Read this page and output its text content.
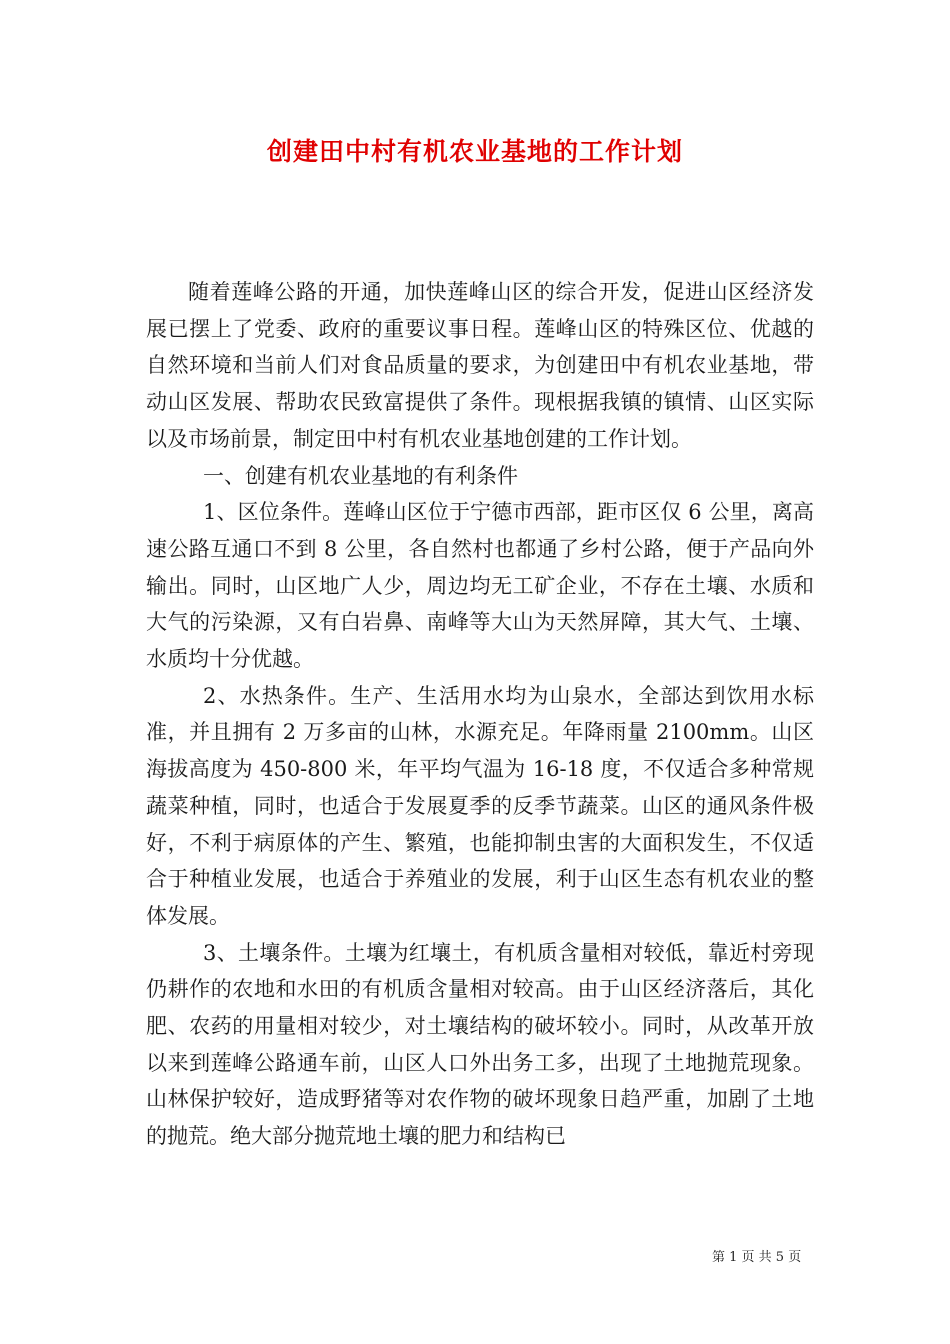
创建田中村有机农业基地的工作计划

随着莲峰公路的开通，加快莲峰山区的综合开发，促进山区经济发展已摆上了党委、政府的重要议事日程。莲峰山区的特殊区位、优越的自然环境和当前人们对食品质量的要求，为创建田中有机农业基地，带动山区发展、帮助农民致富提供了条件。现根据我镇的镇情、山区实际以及市场前景，制定田中村有机农业基地创建的工作计划。

一、创建有机农业基地的有利条件

1、区位条件。莲峰山区位于宁德市西部，距市区仅 6 公里，离高速公路互通口不到 8 公里，各自然村也都通了乡村公路，便于产品向外输出。同时，山区地广人少，周边均无工矿企业，不存在土壤、水质和大气的污染源，又有白岩鼻、南峰等大山为天然屏障，其大气、土壤、水质均十分优越。

2、水热条件。生产、生活用水均为山泉水，全部达到饮用水标准，并且拥有 2 万多亩的山林，水源充足。年降雨量 2100mm。山区海拔高度为 450-800 米，年平均气温为 16-18 度，不仅适合多种常规蔬菜种植，同时，也适合于发展夏季的反季节蔬菜。山区的通风条件极好，不利于病原体的产生、繁殖，也能抑制虫害的大面积发生，不仅适合于种植业发展，也适合于养殖业的发展，利于山区生态有机农业的整体发展。

3、土壤条件。土壤为红壤土，有机质含量相对较低，靠近村旁现仍耕作的农地和水田的有机质含量相对较高。由于山区经济落后，其化肥、农药的用量相对较少，对土壤结构的破坏较小。同时，从改革开放以来到莲峰公路通车前，山区人口外出务工多，出现了土地抛荒现象。山林保护较好，造成野猪等对农作物的破坏现象日趋严重，加剧了土地的抛荒。绝大部分抛荒地土壤的肥力和结构已

第 1 页 共 5 页
